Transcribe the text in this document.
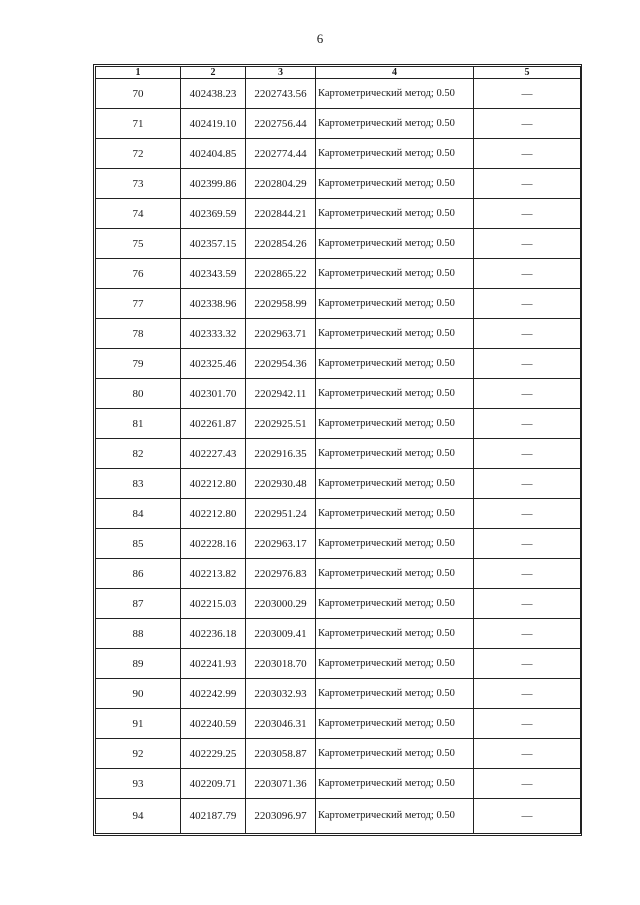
6
1	2	3	4	5
70	402438.23	2202743.56	Картометрический метод; 0.50	—
71	402419.10	2202756.44	Картометрический метод; 0.50	—
72	402404.85	2202774.44	Картометрический метод; 0.50	—
73	402399.86	2202804.29	Картометрический метод; 0.50	—
74	402369.59	2202844.21	Картометрический метод; 0.50	—
75	402357.15	2202854.26	Картометрический метод; 0.50	—
76	402343.59	2202865.22	Картометрический метод; 0.50	—
77	402338.96	2202958.99	Картометрический метод; 0.50	—
78	402333.32	2202963.71	Картометрический метод; 0.50	—
79	402325.46	2202954.36	Картометрический метод; 0.50	—
80	402301.70	2202942.11	Картометрический метод; 0.50	—
81	402261.87	2202925.51	Картометрический метод; 0.50	—
82	402227.43	2202916.35	Картометрический метод; 0.50	—
83	402212.80	2202930.48	Картометрический метод; 0.50	—
84	402212.80	2202951.24	Картометрический метод; 0.50	—
85	402228.16	2202963.17	Картометрический метод; 0.50	—
86	402213.82	2202976.83	Картометрический метод; 0.50	—
87	402215.03	2203000.29	Картометрический метод; 0.50	—
88	402236.18	2203009.41	Картометрический метод; 0.50	—
89	402241.93	2203018.70	Картометрический метод; 0.50	—
90	402242.99	2203032.93	Картометрический метод; 0.50	—
91	402240.59	2203046.31	Картометрический метод; 0.50	—
92	402229.25	2203058.87	Картометрический метод; 0.50	—
93	402209.71	2203071.36	Картометрический метод; 0.50	—
94	402187.79	2203096.97	Картометрический метод; 0.50	—
